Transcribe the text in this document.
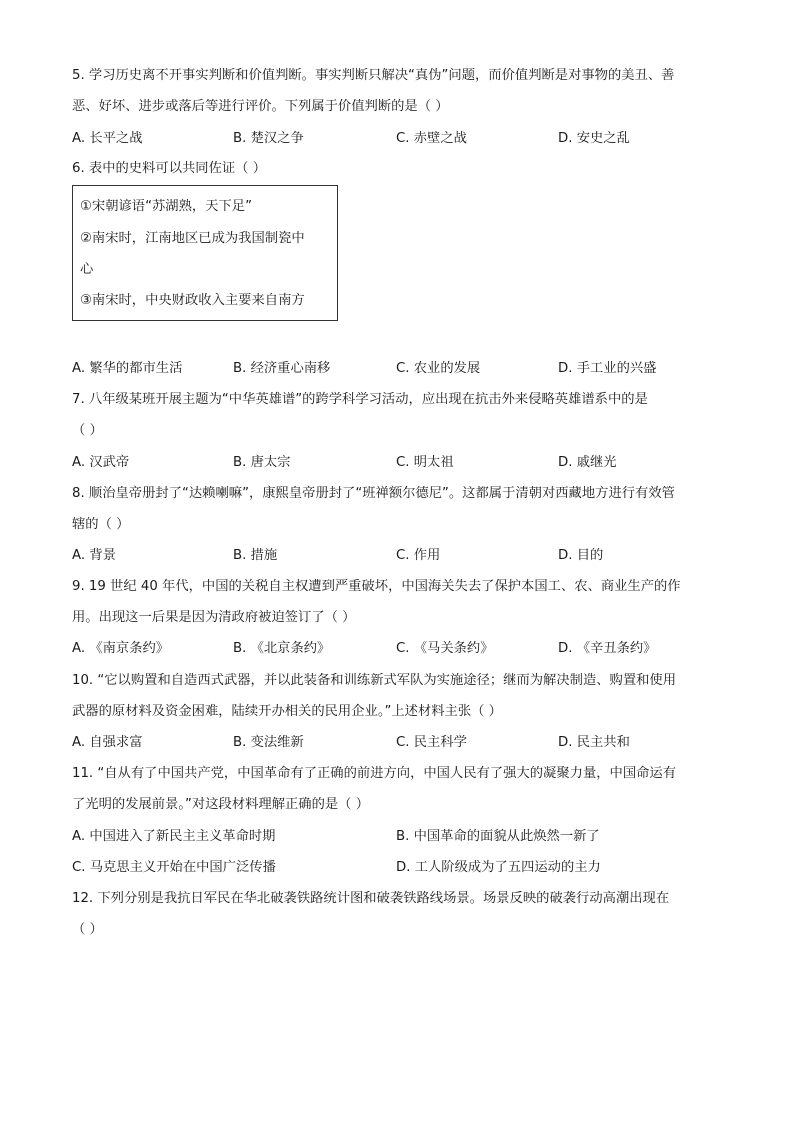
5. 学习历史离不开事实判断和价值判断。事实判断只解决“真伪”问题，而价值判断是对事物的美丑、善
恶、好坏、进步或落后等进行评价。下列属于价值判断的是（ ）
A. 长平之战	B. 楚汉之争	C. 赤壁之战	D. 安史之乱
6. 表中的史料可以共同佐证（ ）
①宋朝谚语“苏湖熟，天下足”
②南宋时，江南地区已成为我国制瓷中
心
③南宋时，中央财政收入主要来自南方
A. 繁华的都市生活	B. 经济重心南移	C. 农业的发展	D. 手工业的兴盛
7. 八年级某班开展主题为“中华英雄谱”的跨学科学习活动，应出现在抗击外来侵略英雄谱系中的是
（ ）
A. 汉武帝	B. 唐太宗	C. 明太祖	D. 戚继光
8. 顺治皇帝册封了“达赖喇嘛”，康熙皇帝册封了“班禅额尔德尼”。这都属于清朝对西藏地方进行有效管
辖的（ ）
A. 背景	B. 措施	C. 作用	D. 目的
9. 19 世纪 40 年代，中国的关税自主权遭到严重破坏，中国海关失去了保护本国工、农、商业生产的作
用。出现这一后果是因为清政府被迫签订了（ ）
A. 《南京条约》	B. 《北京条约》	C. 《马关条约》	D. 《辛丑条约》
10. “它以购置和自造西式武器，并以此装备和训练新式军队为实施途径；继而为解决制造、购置和使用
武器的原材料及资金困难，陆续开办相关的民用企业。”上述材料主张（ ）
A. 自强求富	B. 变法维新	C. 民主科学	D. 民主共和
11. “自从有了中国共产党，中国革命有了正确的前进方向，中国人民有了强大的凝聚力量，中国命运有
了光明的发展前景。”对这段材料理解正确的是（ ）
A. 中国进入了新民主主义革命时期	B. 中国革命的面貌从此焕然一新了
C. 马克思主义开始在中国广泛传播	D. 工人阶级成为了五四运动的主力
12. 下列分别是我抗日军民在华北破袭铁路统计图和破袭铁路线场景。场景反映的破袭行动高潮出现在
（ ）
